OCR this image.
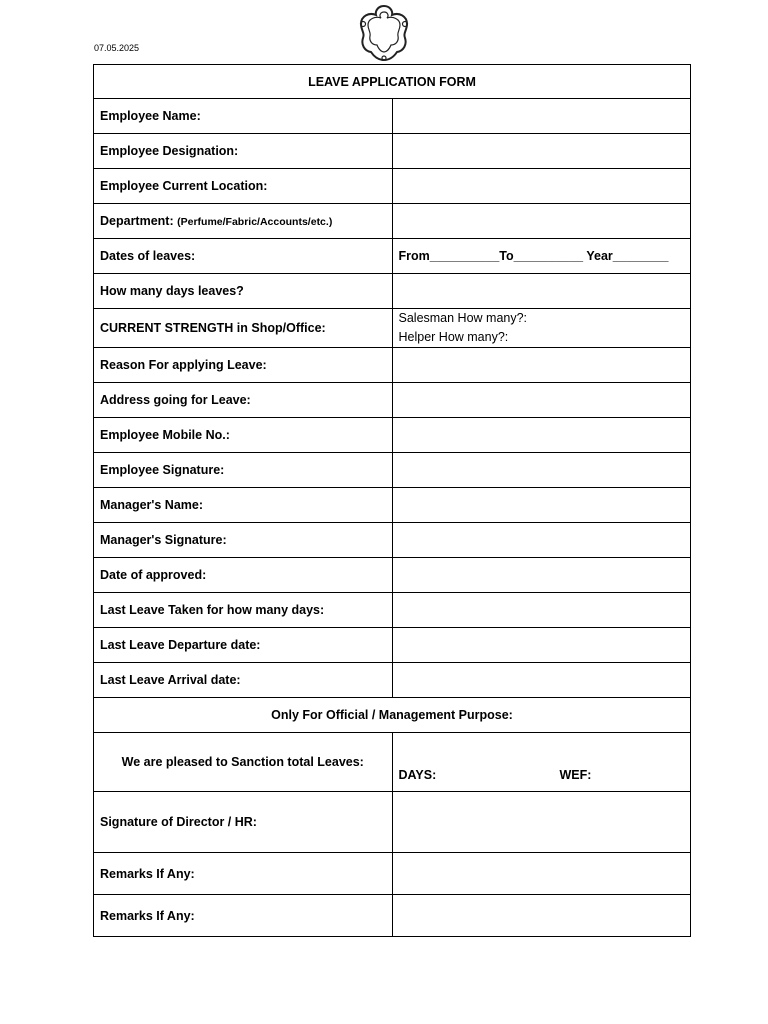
07.05.2025
LEAVE APPLICATION FORM	
Employee Name:	
Employee Designation:	
Employee Current Location:	
Department: (Perfume/Fabric/Accounts/etc.)	
Dates of leaves:	From__________To__________ Year________
How many days leaves?	
CURRENT STRENGTH in Shop/Office:	Salesman How many?:
Helper How many?:

Reason For applying Leave:	
Address going for Leave:	
Employee Mobile No.:	
Employee Signature:	
Manager's Name:	
Manager's Signature:	
Date of approved:	
Last Leave Taken for how many days:	
Last Leave Departure date:	
Last Leave Arrival date:	
Only For Official / Management Purpose:	
We are pleased to Sanction total Leaves:	DAYS: WEF:

Signature of Director / HR:	
Remarks If Any:	
Remarks If Any:	
